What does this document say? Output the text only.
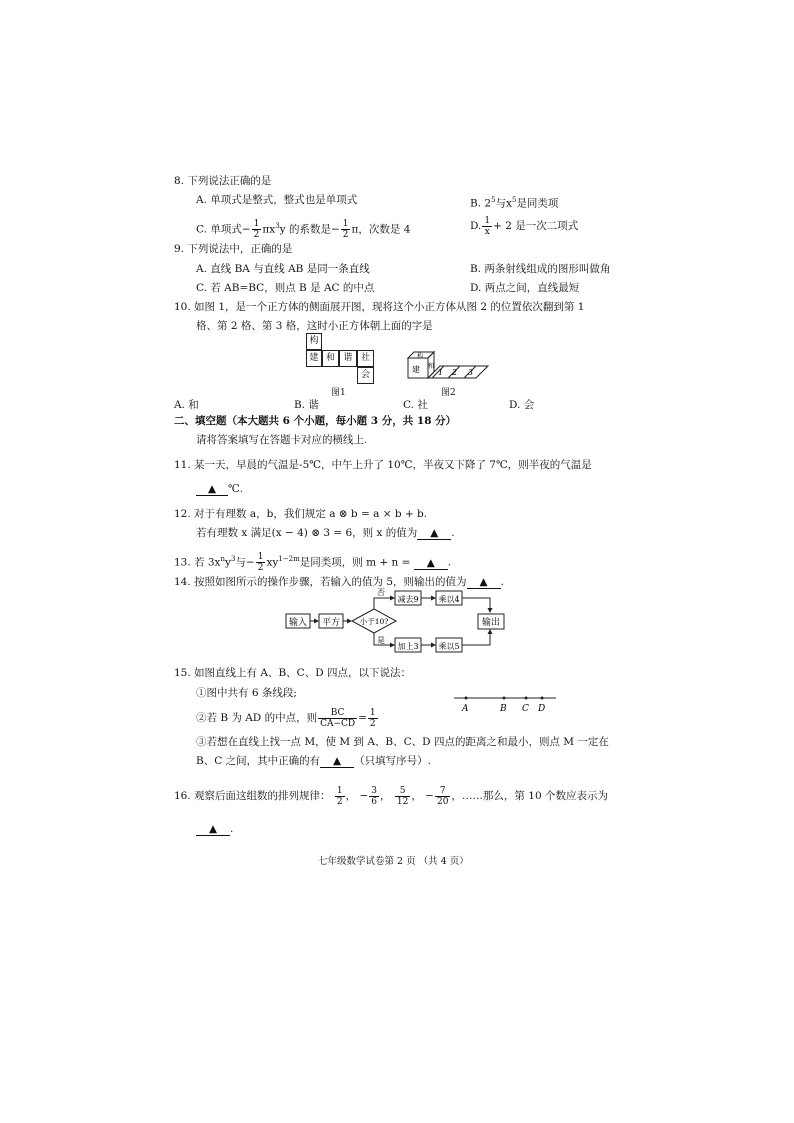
8. 下列说法正确的是
A. 单项式是整式，整式也是单项式	B. $2^5$与$x^5$是同类项
C. 单项式− $\frac{1}{2} \pi x^3y$ 的系数是− $\frac{1}{2}$ π，次数是 4	D. $\frac{1}{x} + 2$ 是一次二项式
9. 下列说法中，正确的是
A. 直线 BA 与直线 AB 是同一条直线	B. 两条射线组成的图形叫做角
C. 若 AB=BC，则点 B 是 AC 的中点	D. 两点之间，直线最短
10. 如图 1，是一个正方体的侧面展开图，现将这个小正方体从图 2 的位置依次翻到第 1
格、第 2 格、第 3 格，这时小正方体朝上面的字是
构
建 和 谐 社
会
图1
建
构
和
1 2 3
图2
A. 和	B. 谐	C. 社	D. 会
二、填空题（本大题共 6 个小题，每小题 3 分，共 18 分）
请将答案填写在答题卡对应的横线上.
11. 某一天，早晨的气温是-5℃，中午上升了 10℃，半夜又下降了 7℃，则半夜的气温是
▲ ℃.
12. 对于有理数 a，b，我们规定 a ⊗ b = a × b + b.
若有理数 x 满足(x − 4) ⊗ 3 = 6，则 x 的值为 ▲ .
13. 若 $3x^ny^3$与− $\frac{1}{2} xy^{1-2m}$是同类项，则 m + n = ▲ .
14. 按照如图所示的操作步骤，若输入的值为 5，则输出的值为 ▲ .
输入 平方	小于10?
否
是
减去9 乘以4
加上3 乘以5
输出
15. 如图直线上有 A、B、C、D 四点，以下说法：
①图中共有 6 条线段;
②若 B 为 AD 的中点，则 $\frac{BC}{CA-CD} = \frac{1}{2}$
③若想在直线上找一点 M，使 M 到 A、B、C、D 四点的距离之和最小，则点 M 一定在
B、C 之间，其中正确的有 ▲ （只填写序号）.
A	B C D
16. 观察后面这组数的排列规律： $\frac{1}{2}$ ， − $\frac{3}{6}$ ， $\frac{5}{12}$ ， − $\frac{7}{20}$ ，……那么，第 10 个数应表示为
▲ .
七年级数学试卷第 2 页 （共 4 页）
